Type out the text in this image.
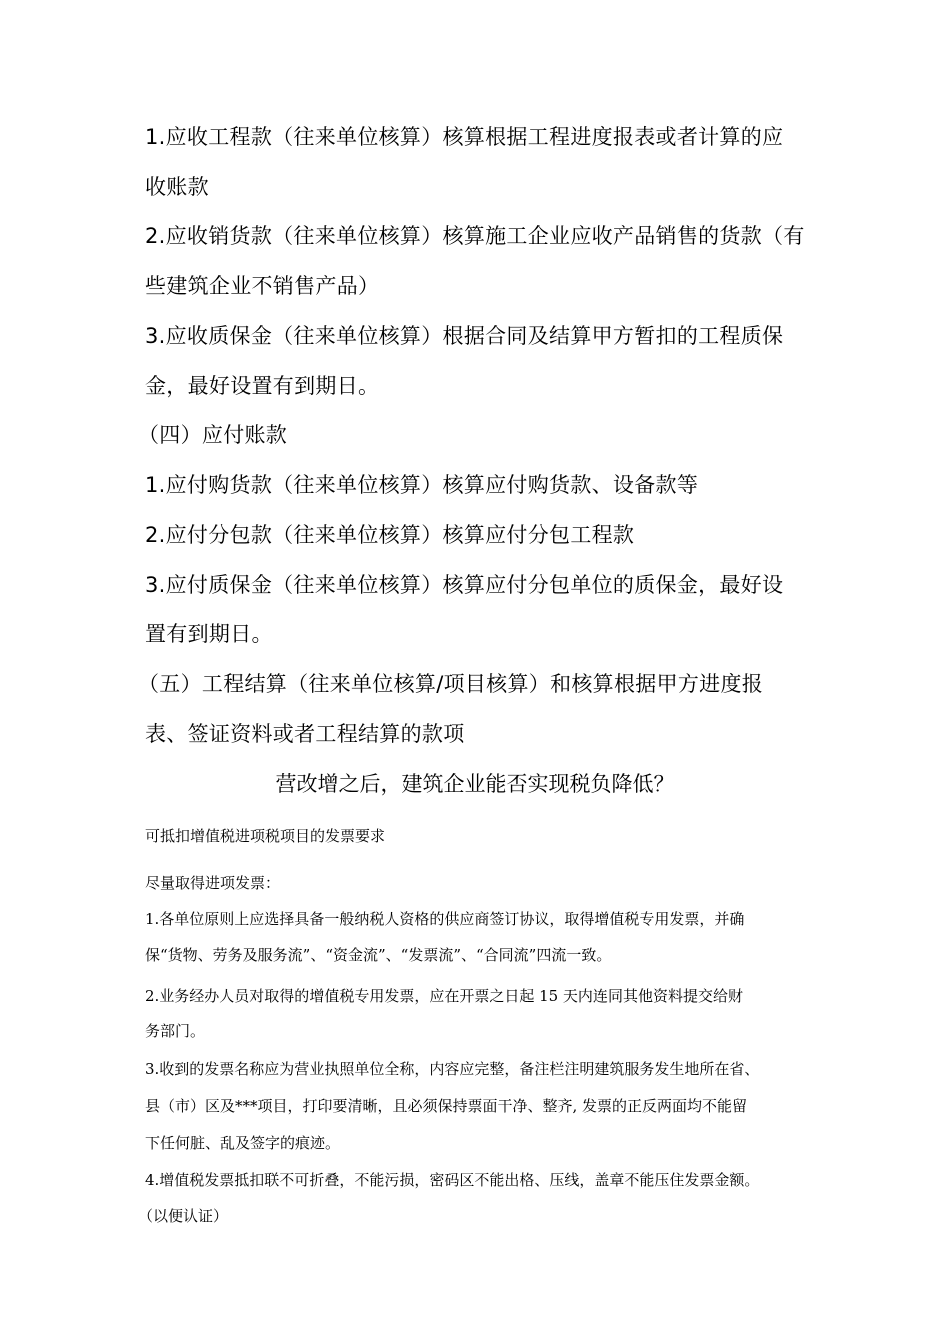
1.应收工程款（往来单位核算）核算根据工程进度报表或者计算的应
收账款
2.应收销货款（往来单位核算）核算施工企业应收产品销售的货款（有
些建筑企业不销售产品）
3.应收质保金（往来单位核算）根据合同及结算甲方暂扣的工程质保
金，最好设置有到期日。
（四）应付账款
1.应付购货款（往来单位核算）核算应付购货款、设备款等
2.应付分包款（往来单位核算）核算应付分包工程款
3.应付质保金（往来单位核算）核算应付分包单位的质保金，最好设
置有到期日。
（五）工程结算（往来单位核算/项目核算）和核算根据甲方进度报
表、签证资料或者工程结算的款项
营改增之后，建筑企业能否实现税负降低？
可抵扣增值税进项税项目的发票要求
尽量取得进项发票：
1.各单位原则上应选择具备一般纳税人资格的供应商签订协议，取得增值税专用发票，并确
保“货物、劳务及服务流”、“资金流”、“发票流”、“合同流”四流一致。
2.业务经办人员对取得的增值税专用发票，应在开票之日起 15 天内连同其他资料提交给财
务部门。
3.收到的发票名称应为营业执照单位全称，内容应完整，备注栏注明建筑服务发生地所在省、
县（市）区及***项目，打印要清晰，且必须保持票面干净、整齐, 发票的正反两面均不能留
下任何脏、乱及签字的痕迹。
4.增值税发票抵扣联不可折叠，不能污损，密码区不能出格、压线，盖章不能压住发票金额。
（以便认证）
